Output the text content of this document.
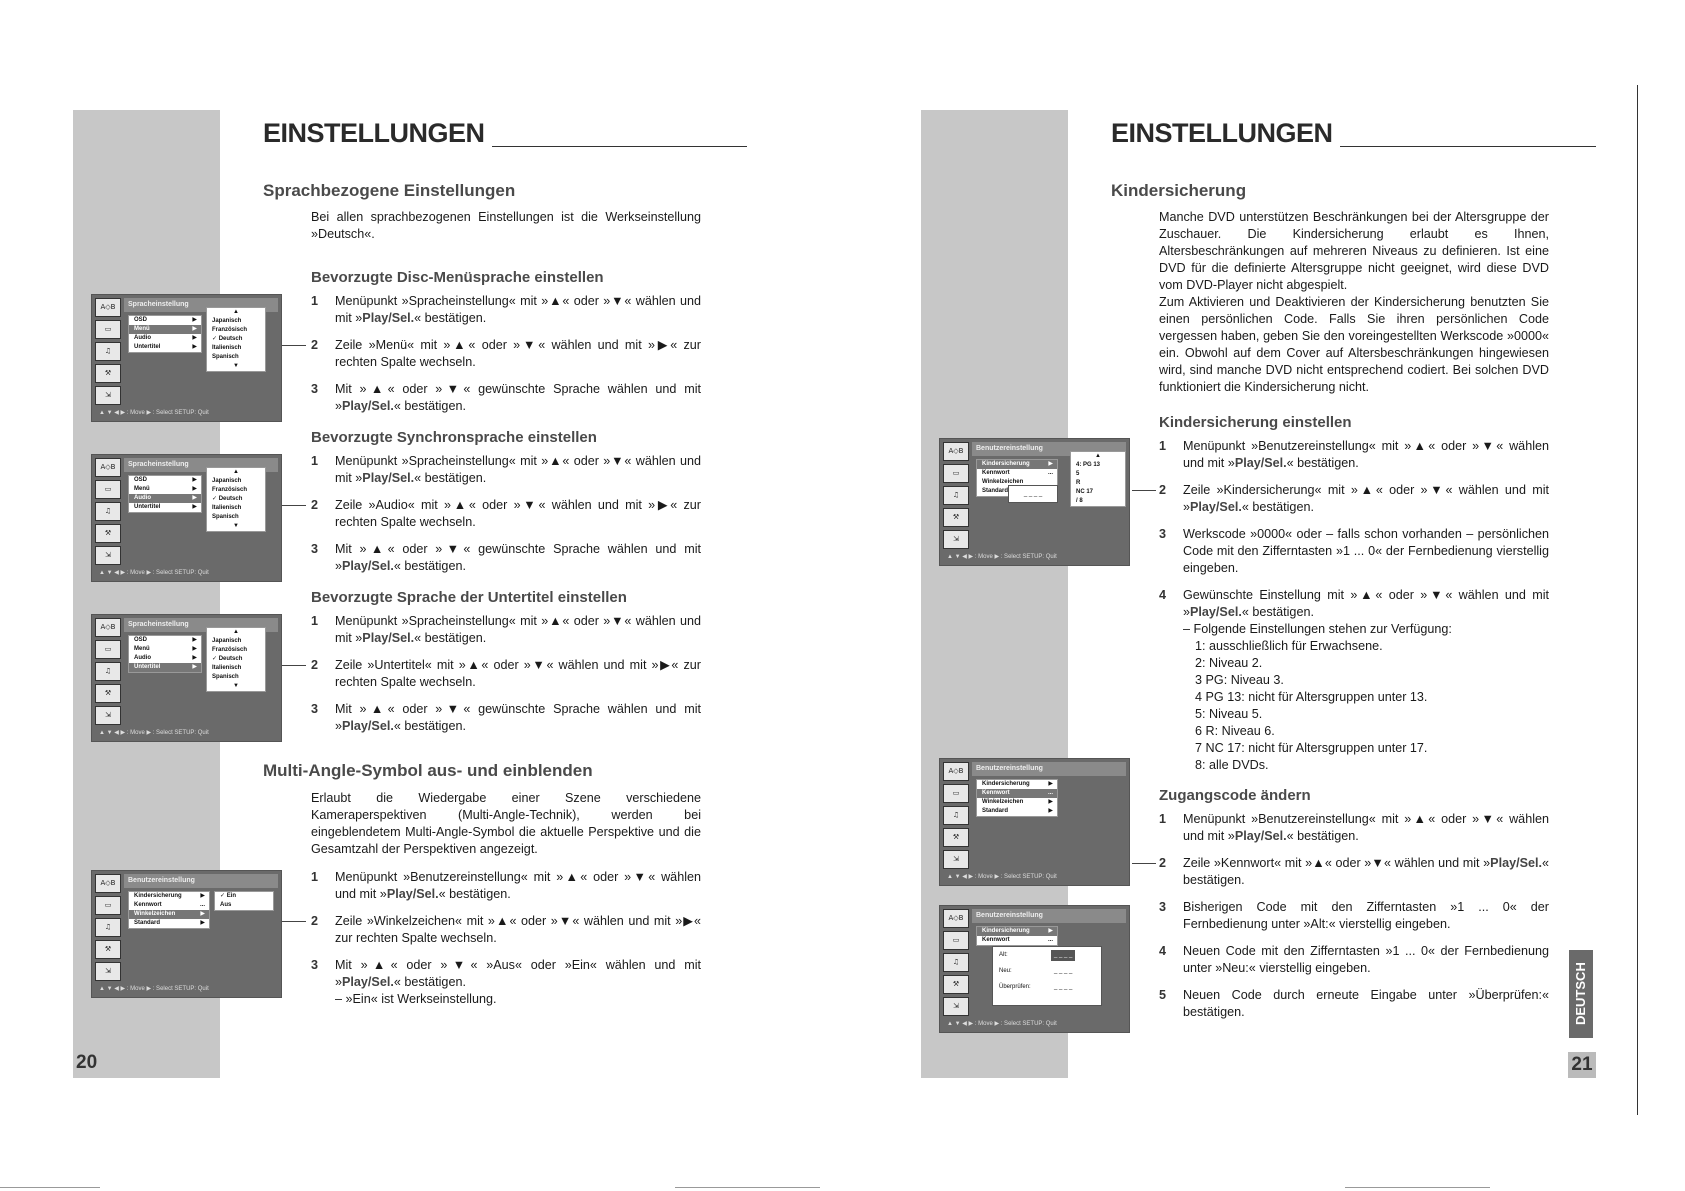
20
EINSTELLUNGEN
Sprachbezogene Einstellungen
Bei allen sprachbezogenen Einstellungen ist die Werkseinstellung »Deutsch«.
Bevorzugte Disc-Menüsprache einstellen
1 Menüpunkt »Spracheinstellung« mit »▲« oder »▼« wählen und mit »Play/Sel.« bestätigen.
2 Zeile »Menü« mit »▲« oder »▼« wählen und mit »▶« zur rechten Spalte wechseln.
3 Mit »▲« oder »▼« gewünschte Sprache wählen und mit »Play/Sel.« bestätigen.
Bevorzugte Synchronsprache einstellen
1 Menüpunkt »Spracheinstellung« mit »▲« oder »▼« wählen und mit »Play/Sel.« bestätigen.
2 Zeile »Audio« mit »▲« oder »▼« wählen und mit »▶« zur rechten Spalte wechseln.
3 Mit »▲« oder »▼« gewünschte Sprache wählen und mit »Play/Sel.« bestätigen.
Bevorzugte Sprache der Untertitel einstellen
1 Menüpunkt »Spracheinstellung« mit »▲« oder »▼« wählen und mit »Play/Sel.« bestätigen.
2 Zeile »Untertitel« mit »▲« oder »▼« wählen und mit »▶« zur rechten Spalte wechseln.
3 Mit »▲« oder »▼« gewünschte Sprache wählen und mit »Play/Sel.« bestätigen.
Multi-Angle-Symbol aus- und einblenden
Erlaubt die Wiedergabe einer Szene verschiedene Kameraperspektiven (Multi-Angle-Technik), werden bei eingeblendetem Multi-Angle-Symbol die aktuelle Perspektive und die Gesamtzahl der Perspektiven angezeigt.
1 Menüpunkt »Benutzereinstellung« mit »▲« oder »▼« wählen und mit »Play/Sel.« bestätigen.
2 Zeile »Winkelzeichen« mit »▲« oder »▼« wählen und mit »▶« zur rechten Spalte wechseln.
3 Mit »▲« oder »▼« »Aus« oder »Ein« wählen und mit »Play/Sel.« bestätigen.
– »Ein« ist Werkseinstellung.
A◇B
▭
♫
⚒
⇲
Spracheinstellung
OSD	▶
Menü	▶
Audio	▶
Untertitel	▶
▲
Japanisch
Französisch
✓ Deutsch
Italienisch
Spanisch
▼
▲ ▼ ◀ ▶ : Move ▶ : Select SETUP: Quit
A◇B
▭
♫
⚒
⇲
Spracheinstellung
OSD	▶
Menü	▶
Audio	▶
Untertitel	▶
▲
Japanisch
Französisch
✓ Deutsch
Italienisch
Spanisch
▼
▲ ▼ ◀ ▶ : Move ▶ : Select SETUP: Quit
A◇B
▭
♫
⚒
⇲
Spracheinstellung
OSD	▶
Menü	▶
Audio	▶
Untertitel	▶
▲
Japanisch
Französisch
✓ Deutsch
Italienisch
Spanisch
▼
▲ ▼ ◀ ▶ : Move ▶ : Select SETUP: Quit
A◇B
▭
♫
⚒
⇲
Benutzereinstellung
Kindersicherung	▶
Kennwort	...
Winkelzeichen	▶
Standard	▶
✓ Ein
Aus
▲ ▼ ◀ ▶ : Move ▶ : Select SETUP: Quit	DEUTSCH
21
EINSTELLUNGEN
Kindersicherung
Manche DVD unterstützen Beschränkungen bei der Altersgruppe der Zuschauer. Die Kindersicherung erlaubt es Ihnen, Altersbeschränkungen auf mehreren Niveaus zu definieren. Ist eine DVD für die definierte Altersgruppe nicht geeignet, wird diese DVD vom DVD-Player nicht abgespielt.
Zum Aktivieren und Deaktivieren der Kindersicherung benutzten Sie einen persönlichen Code. Falls Sie ihren persönlichen Code vergessen haben, geben Sie den voreingestellten Werkscode »0000« ein. Obwohl auf dem Cover auf Altersbeschränkungen hingewiesen wird, sind manche DVD nicht entsprechend codiert. Bei solchen DVD funktioniert die Kindersicherung nicht.
Kindersicherung einstellen
1 Menüpunkt »Benutzereinstellung« mit »▲« oder »▼« wählen und mit »Play/Sel.« bestätigen.
2 Zeile »Kindersicherung« mit »▲« oder »▼« wählen und mit »Play/Sel.« bestätigen.
3 Werkscode »0000« oder – falls schon vorhanden – persönlichen Code mit den Zifferntasten »1 ... 0« der Fernbedienung vierstellig eingeben.
4 Gewünschte Einstellung mit »▲« oder »▼« wählen und mit »Play/Sel.« bestätigen.
– Folgende Einstellungen stehen zur Verfügung:
1: ausschließlich für Erwachsene.
2: Niveau 2.
3 PG: Niveau 3.
4 PG 13: nicht für Altersgruppen unter 13.
5: Niveau 5.
6 R: Niveau 6.
7 NC 17: nicht für Altersgruppen unter 17.
8: alle DVDs.
Zugangscode ändern
1 Menüpunkt »Benutzereinstellung« mit »▲« oder »▼« wählen und mit »Play/Sel.« bestätigen.
2 Zeile »Kennwort« mit »▲« oder »▼« wählen und mit »Play/Sel.« bestätigen.
3 Bisherigen Code mit den Zifferntasten »1 ... 0« der Fernbedienung unter »Alt:« vierstellig eingeben.
4 Neuen Code mit den Zifferntasten »1 ... 0« der Fernbedienung unter »Neu:« vierstellig eingeben.
5 Neuen Code durch erneute Eingabe unter »Überprüfen:« bestätigen.
A◇B
▭
♫
⚒
⇲
Benutzereinstellung
Kindersicherung	▶
Kennwort	...
Winkelzeichen
Standard
▲
4: PG 13
5
R
NC 17
/ 8
_ _ _ _
▲ ▼ ◀ ▶ : Move ▶ : Select SETUP: Quit
A◇B
▭
♫
⚒
⇲
Benutzereinstellung
Kindersicherung	▶
Kennwort	...
Winkelzeichen	▶
Standard	▶
▲ ▼ ◀ ▶ : Move ▶ : Select SETUP: Quit
A◇B
▭
♫
⚒
⇲
Benutzereinstellung
Kindersicherung	▶
Kennwort	...
Alt:	_ _ _ _
Neu:	_ _ _ _
Überprüfen:	_ _ _ _
▲ ▼ ◀ ▶ : Move ▶ : Select SETUP: Quit
